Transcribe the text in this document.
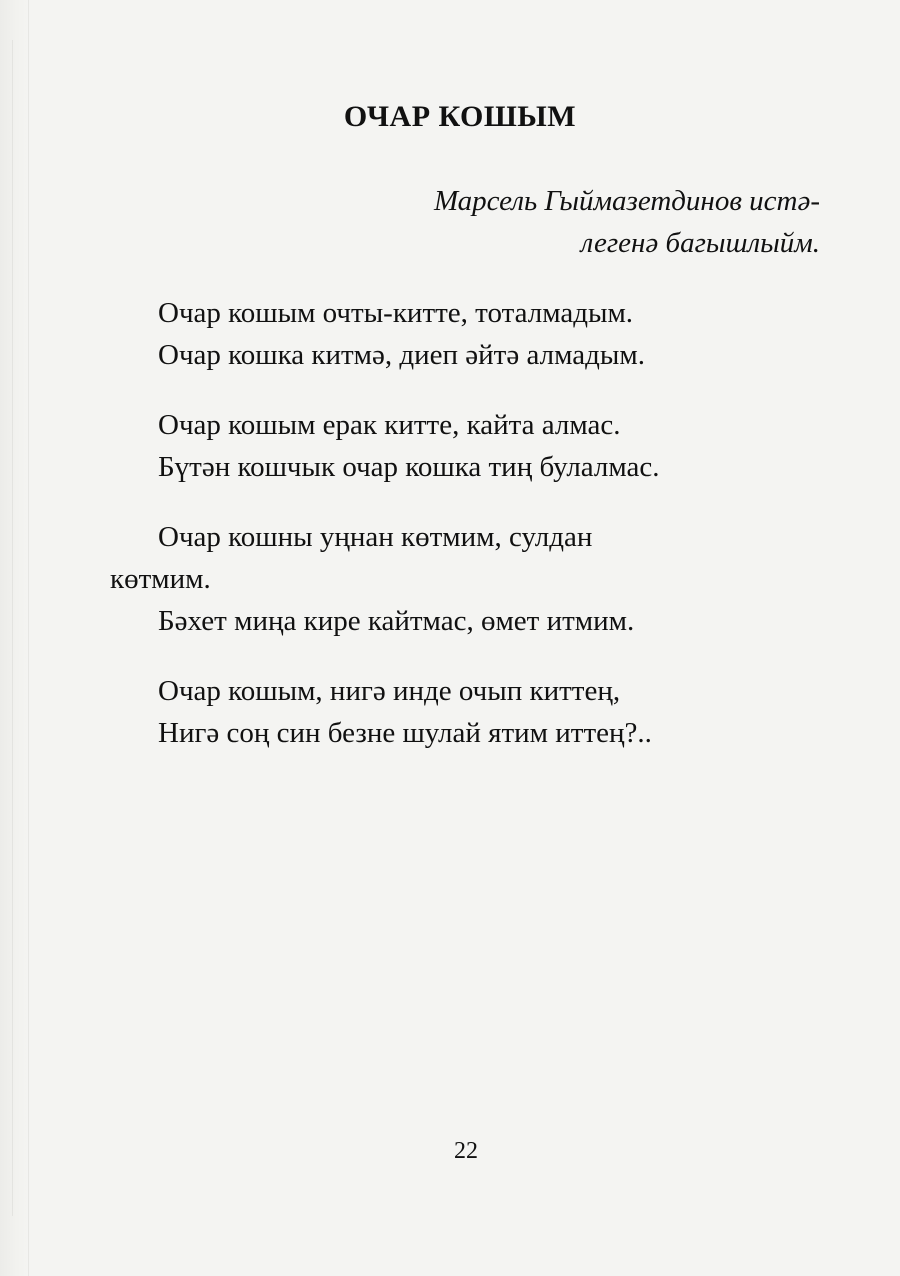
ОЧАР КОШЫМ
Марсель Гыймазетдинов истә-
легенә багышлыйм.
Очар кошым очты-китте, тоталмадым.
Очар кошка китмә, диеп әйтә алмадым.
Очар кошым ерак китте, кайта алмас.
Бүтән кошчык очар кошка тиң булалмас.
Очар кошны уңнан көтмим, сулдан
көтмим.
Бәхет миңа кире кайтмас, өмет итмим.
Очар кошым, нигә инде очып киттең,
Нигә соң син безне шулай ятим иттең?..
22
